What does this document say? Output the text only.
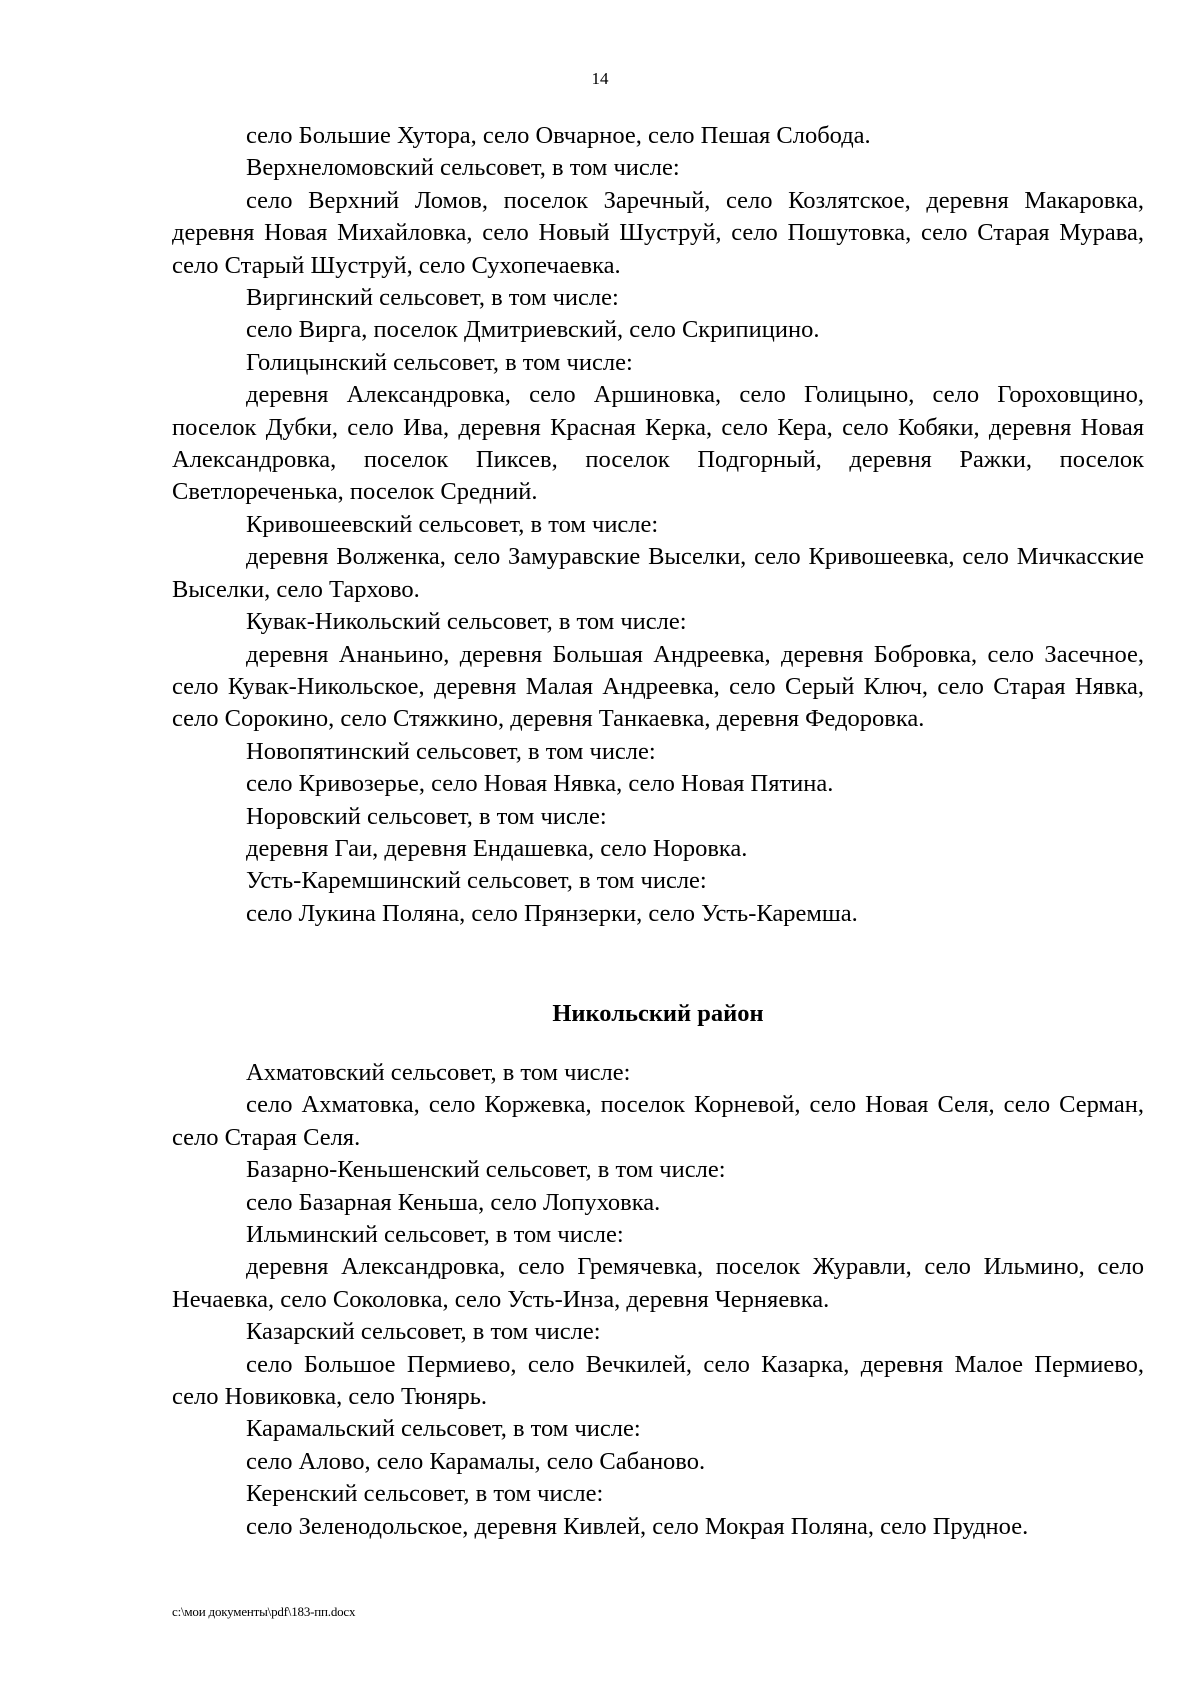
14

село Большие Хутора, село Овчарное, село Пешая Слобода.

Верхнеломовский сельсовет, в том числе:

село Верхний Ломов, поселок Заречный, село Козлятское, деревня Макаровка, деревня Новая Михайловка, село Новый Шуструй, село Пошутовка, село Старая Мурава, село Старый Шуструй, село Сухопечаевка.

Виргинский сельсовет, в том числе:

село Вирга, поселок Дмитриевский, село Скрипицино.

Голицынский сельсовет, в том числе:

деревня Александровка, село Аршиновка, село Голицыно, село Гороховщино, поселок Дубки, село Ива, деревня Красная Керка, село Кера, село Кобяки, деревня Новая Александровка, поселок Пиксев, поселок Подгорный, деревня Ражки, поселок Светлореченька, поселок Средний.

Кривошеевский сельсовет, в том числе:

деревня Волженка, село Замуравские Выселки, село Кривошеевка, село Мичкасские Выселки, село Тархово.

Кувак-Никольский сельсовет, в том числе:

деревня Ананьино, деревня Большая Андреевка, деревня Бобровка, село Засечное, село Кувак-Никольское, деревня Малая Андреевка, село Серый Ключ, село Старая Нявка, село Сорокино, село Стяжкино, деревня Танкаевка, деревня Федоровка.

Новопятинский сельсовет, в том числе:

село Кривозерье, село Новая Нявка, село Новая Пятина.

Норовский сельсовет, в том числе:

деревня Гаи, деревня Ендашевка, село Норовка.

Усть-Каремшинский сельсовет, в том числе:

село Лукина Поляна, село Прянзерки, село Усть-Каремша.

Никольский район

Ахматовский сельсовет, в том числе:

село Ахматовка, село Коржевка, поселок Корневой, село Новая Селя, село Серман, село Старая Селя.

Базарно-Кеньшенский сельсовет, в том числе:

село Базарная Кеньша, село Лопуховка.

Ильминский сельсовет, в том числе:

деревня Александровка, село Гремячевка, поселок Журавли, село Ильмино, село Нечаевка, село Соколовка, село Усть-Инза, деревня Черняевка.

Казарский сельсовет, в том числе:

село Большое Пермиево, село Вечкилей, село Казарка, деревня Малое Пермиево, село Новиковка, село Тюнярь.

Карамальский сельсовет, в том числе:

село Алово, село Карамалы, село Сабаново.

Керенский сельсовет, в том числе:

село Зеленодольское, деревня Кивлей, село Мокрая Поляна, село Прудное.

c:\мои документы\pdf\183-пп.docx
